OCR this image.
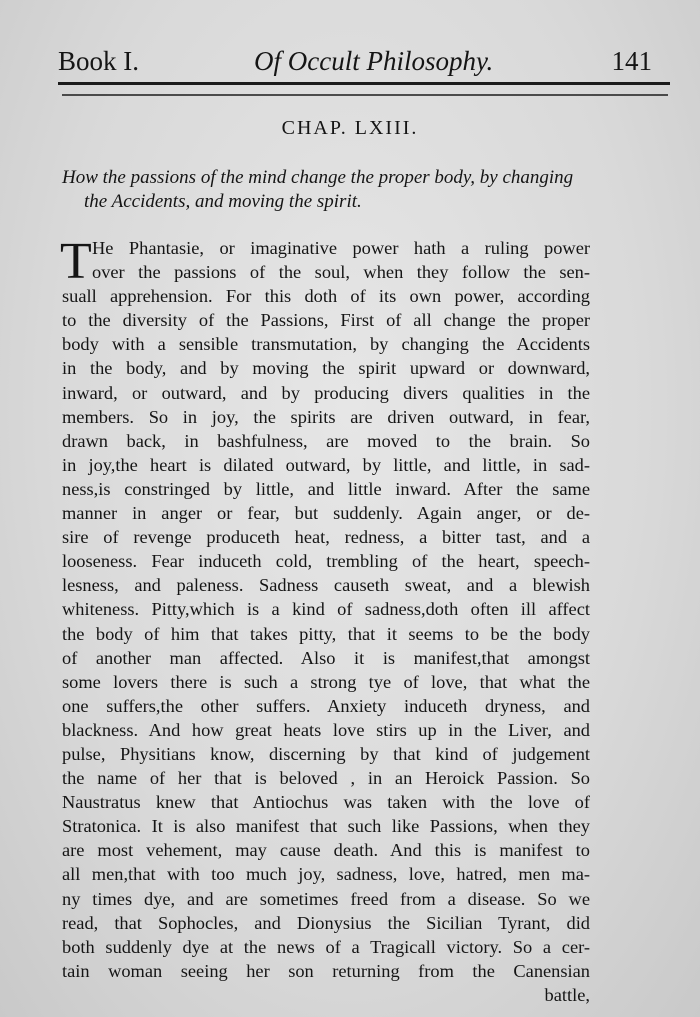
Book I.	Of Occult Philosophy.	141
CHAP. LXIII.
How the passions of the mind change the proper body, by changing
the Accidents, and moving the spirit.
T He Phantasie, or imaginative power hath a ruling power
over the passions of the soul, when they follow the sen-
suall apprehension. For this doth of its own power, according
to the diversity of the Passions, First of all change the proper
body with a sensible transmutation, by changing the Accidents
in the body, and by moving the spirit upward or downward,
inward, or outward, and by producing divers qualities in the
members. So in joy, the spirits are driven outward, in fear,
drawn back, in bashfulness, are moved to the brain. So
in joy,the heart is dilated outward, by little, and little, in sad-
ness,is constringed by little, and little inward. After the same
manner in anger or fear, but suddenly. Again anger, or de-
sire of revenge produceth heat, redness, a bitter tast, and a
looseness. Fear induceth cold, trembling of the heart, speech-
lesness, and paleness. Sadness causeth sweat, and a blewish
whiteness. Pitty,which is a kind of sadness,doth often ill affect
the body of him that takes pitty, that it seems to be the body
of another man affected. Also it is manifest,that amongst
some lovers there is such a strong tye of love, that what the
one suffers,the other suffers. Anxiety induceth dryness, and
blackness. And how great heats love stirs up in the Liver, and
pulse, Physitians know, discerning by that kind of judgement
the name of her that is beloved , in an Heroick Passion. So
Naustratus knew that Antiochus was taken with the love of
Stratonica. It is also manifest that such like Passions, when they
are most vehement, may cause death. And this is manifest to
all men,that with too much joy, sadness, love, hatred, men ma-
ny times dye, and are sometimes freed from a disease. So we
read, that Sophocles, and Dionysius the Sicilian Tyrant, did
both suddenly dye at the news of a Tragicall victory. So a cer-
tain woman seeing her son returning from the Canensian
battle,
